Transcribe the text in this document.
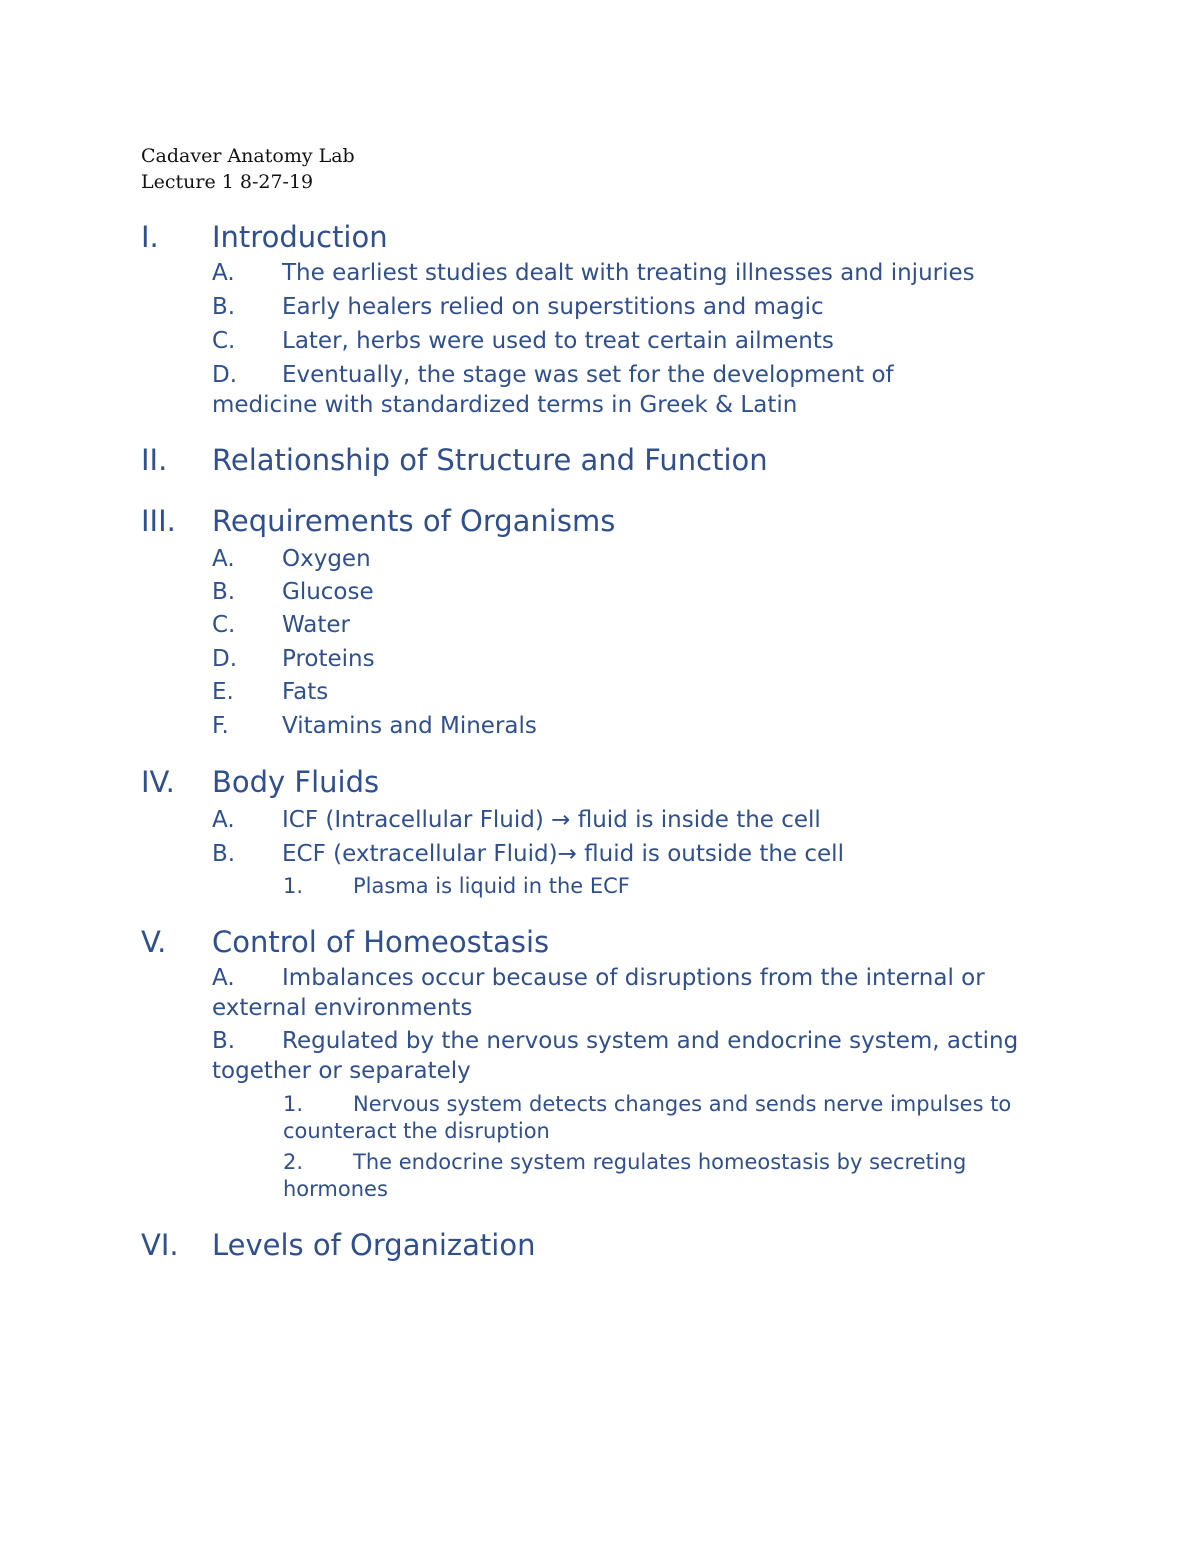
Cadaver Anatomy Lab
Lecture 1 8-27-19
I. Introduction
A.	The earliest studies dealt with treating illnesses and injuries
B.	Early healers relied on superstitions and magic
C.	Later, herbs were used to treat certain ailments
D.	Eventually, the stage was set for the development of medicine with standardized terms in Greek & Latin
II. Relationship of Structure and Function
III. Requirements of Organisms
A.	Oxygen
B.	Glucose
C.	Water
D.	Proteins
E.	Fats
F.	Vitamins and Minerals
IV. Body Fluids
A.	ICF (Intracellular Fluid) → fluid is inside the cell
B.	ECF (extracellular Fluid)→ fluid is outside the cell
1.	Plasma is liquid in the ECF
V. Control of Homeostasis
A.	Imbalances occur because of disruptions from the internal or external environments
B.	Regulated by the nervous system and endocrine system, acting together or separately
1.	Nervous system detects changes and sends nerve impulses to counteract the disruption
2.	The endocrine system regulates homeostasis by secreting hormones
VI. Levels of Organization
